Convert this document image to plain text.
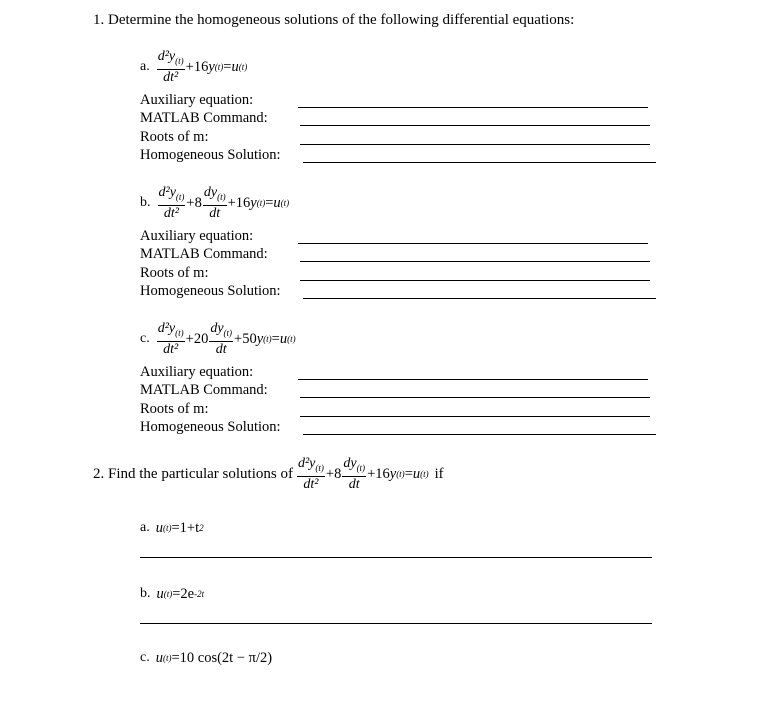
1. Determine the homogeneous solutions of the following differential equations:
a. $\frac{d^2y_{(t)}}{\text{dt²}} +16$ y (t) = u (t)
Auxiliary equation:
MATLAB Command:
Roots of m:
Homogeneous Solution:
b. $\frac{d^2y_{(t)}}{\text{dt²}} +8 \frac{dy_{(t)}}{dt} +16$ y (t) = u (t)
Auxiliary equation:
MATLAB Command:
Roots of m:
Homogeneous Solution:
c. $\frac{d^2y_{(t)}}{\text{dt²}} +20 \frac{dy_{(t)}}{dt} +50$ y (t) = u (t)
Auxiliary equation:
MATLAB Command:
Roots of m:
Homogeneous Solution:
2. Find the particular solutions of $\frac{d^2y_{(t)}}{\text{dt²}} +8 \frac{dy_{(t)}}{dt} +16$ y (t) = u (t) if
a. u (t) =1+t 2
b. u (t) =2e -2t
c. u (t) =10 cos(2t − π/2)
